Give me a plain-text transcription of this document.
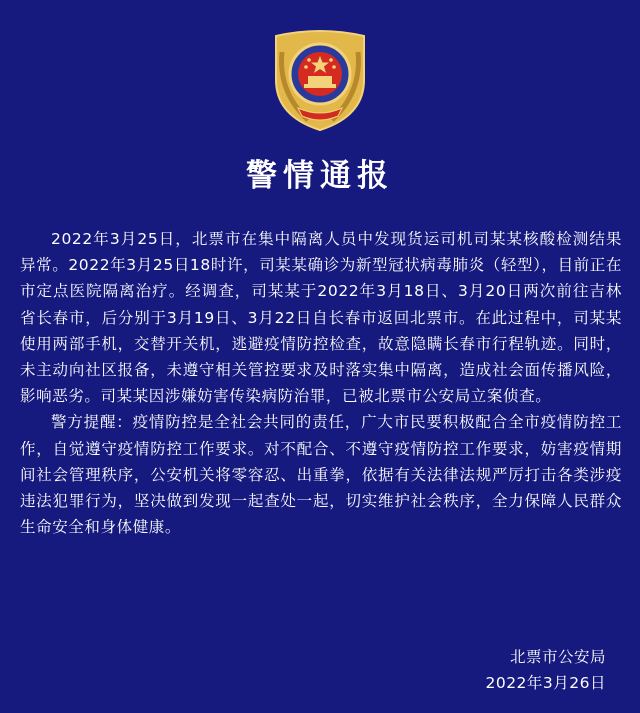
警情通报

2022年3月25日，北票市在集中隔离人员中发现货运司机司某某核酸检测结果异常。2022年3月25日18时许，司某某确诊为新型冠状病毒肺炎（轻型），目前正在市定点医院隔离治疗。经调查，司某某于2022年3月18日、3月20日两次前往吉林省长春市，后分别于3月19日、3月22日自长春市返回北票市。在此过程中，司某某使用两部手机，交替开关机，逃避疫情防控检查，故意隐瞒长春市行程轨迹。同时，未主动向社区报备，未遵守相关管控要求及时落实集中隔离，造成社会面传播风险，影响恶劣。司某某因涉嫌妨害传染病防治罪，已被北票市公安局立案侦查。

警方提醒：疫情防控是全社会共同的责任，广大市民要积极配合全市疫情防控工作，自觉遵守疫情防控工作要求。对不配合、不遵守疫情防控工作要求，妨害疫情期间社会管理秩序，公安机关将零容忍、出重拳，依据有关法律法规严厉打击各类涉疫违法犯罪行为，坚决做到发现一起查处一起，切实维护社会秩序，全力保障人民群众生命安全和身体健康。

北票市公安局
2022年3月26日
